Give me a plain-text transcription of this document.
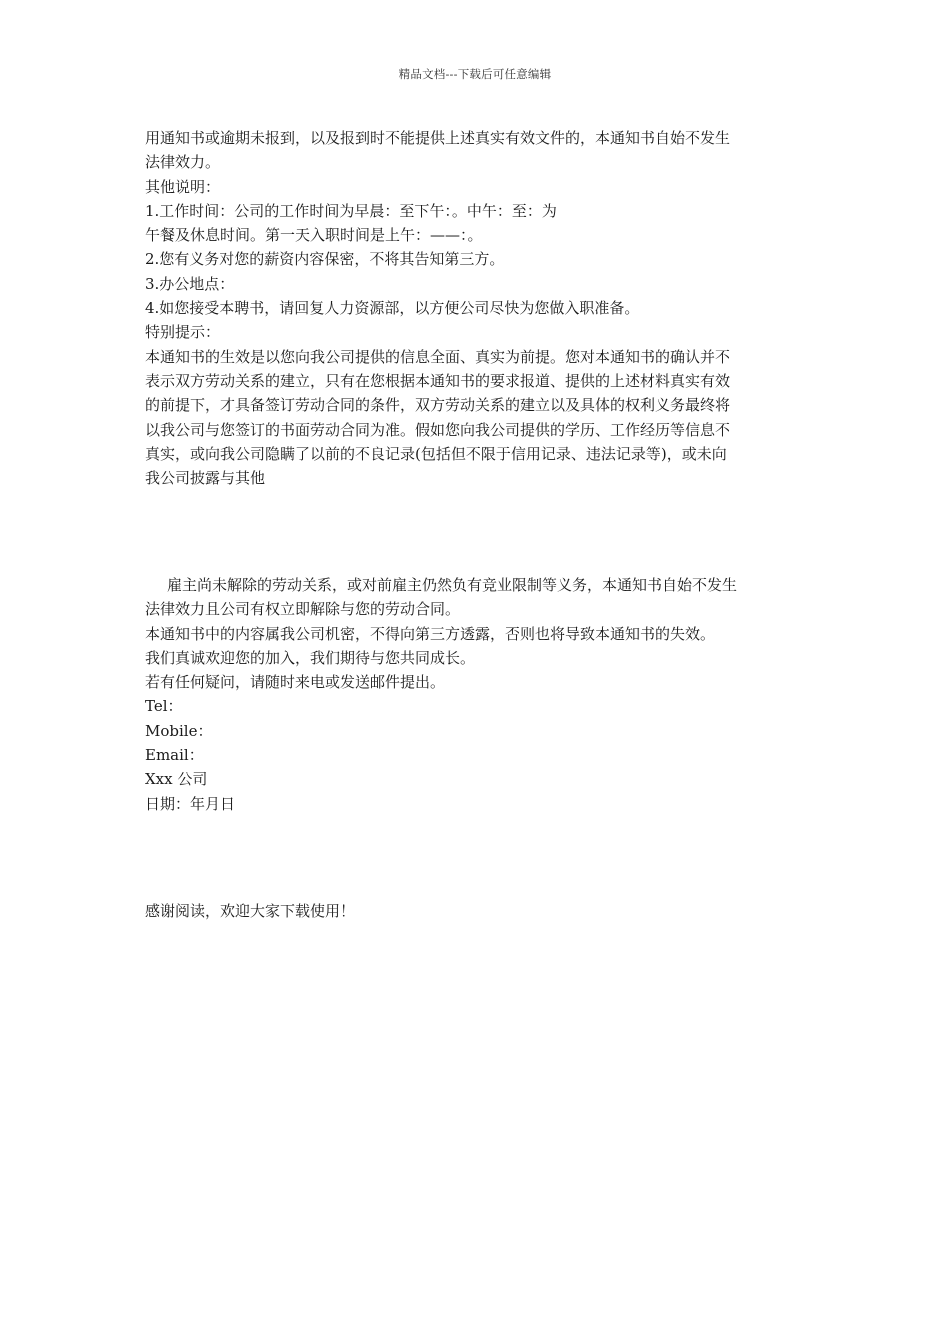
精品文档---下载后可任意编辑

用通知书或逾期未报到，以及报到时不能提供上述真实有效文件的，本通知书自始不发生

法律效力。

其他说明：

1.工作时间：公司的工作时间为早晨：至下午：。中午：至：为

午餐及休息时间。第一天入职时间是上午：——：。

2.您有义务对您的薪资内容保密，不将其告知第三方。

3.办公地点：

4.如您接受本聘书，请回复人力资源部，以方便公司尽快为您做入职准备。

特别提示：

本通知书的生效是以您向我公司提供的信息全面、真实为前提。您对本通知书的确认并不

表示双方劳动关系的建立，只有在您根据本通知书的要求报道、提供的上述材料真实有效

的前提下，才具备签订劳动合同的条件，双方劳动关系的建立以及具体的权利义务最终将

以我公司与您签订的书面劳动合同为准。假如您向我公司提供的学历、工作经历等信息不

真实，或向我公司隐瞒了以前的不良记录(包括但不限于信用记录、违法记录等)，或未向

我公司披露与其他

雇主尚未解除的劳动关系，或对前雇主仍然负有竞业限制等义务，本通知书自始不发生

法律效力且公司有权立即解除与您的劳动合同。

本通知书中的内容属我公司机密，不得向第三方透露，否则也将导致本通知书的失效。

我们真诚欢迎您的加入，我们期待与您共同成长。

若有任何疑问，请随时来电或发送邮件提出。

Tel：

Mobile：

Email：

Xxx 公司

日期：年月日

感谢阅读，欢迎大家下载使用！
